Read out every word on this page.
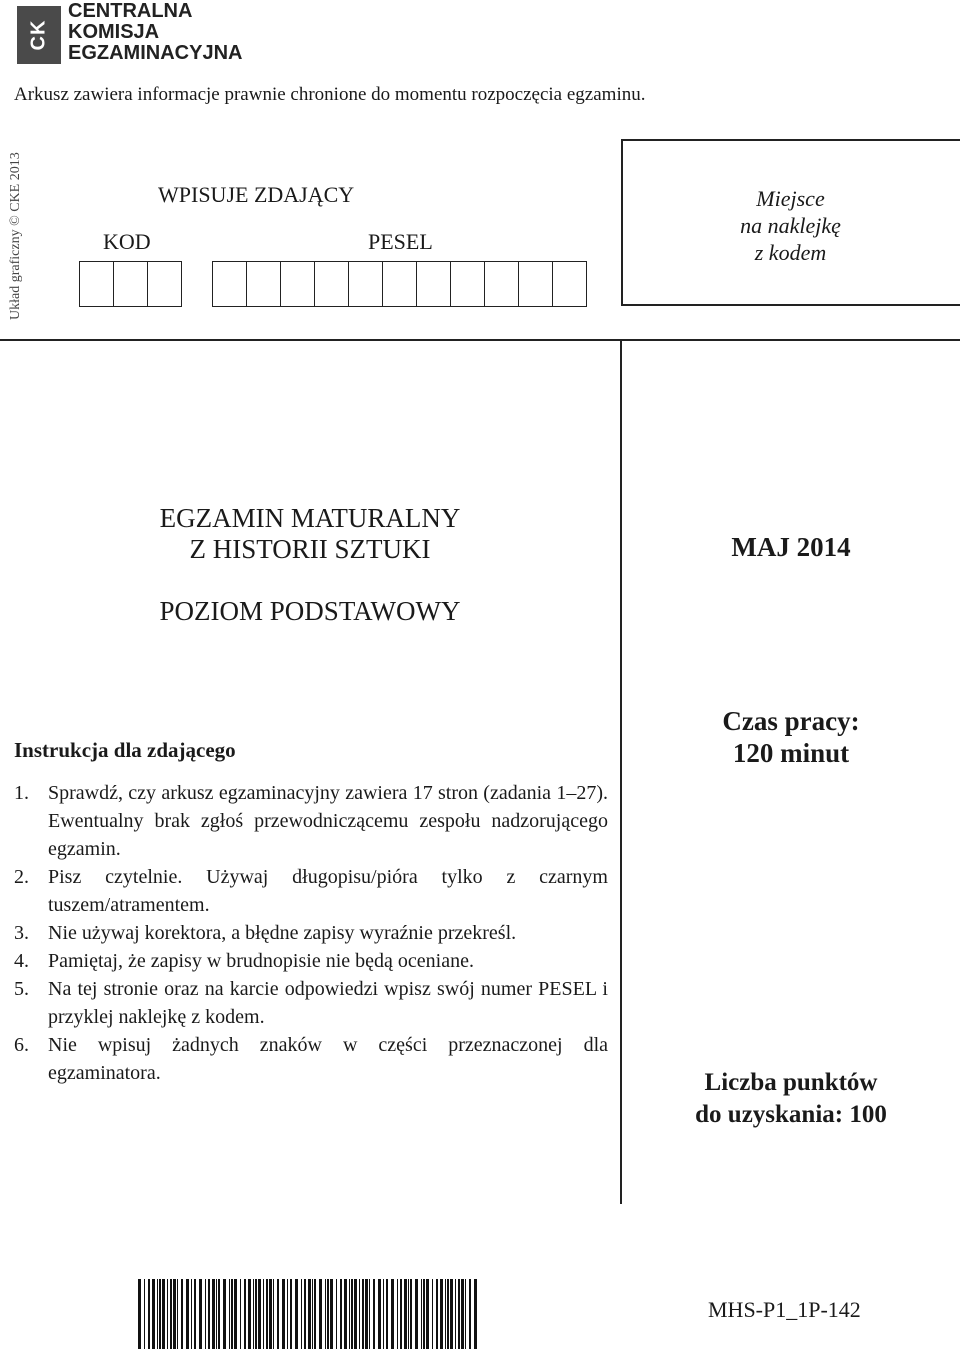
CK
CENTRALNA
KOMISJA
EGZAMINACYJNA
Arkusz zawiera informacje prawnie chronione do momentu rozpoczęcia egzaminu.
Układ graficzny © CKE 2013	WPISUJE ZDAJĄCY
KOD	PESEL
Miejsce
na naklejkę
z kodem
EGZAMIN MATURALNY
Z HISTORII SZTUKI
POZIOM PODSTAWOWY
MAJ 2014
Czas pracy:
120 minut
Instrukcja dla zdającego
1. Sprawdź, czy arkusz egzaminacyjny zawiera 17 stron (zadania 1–27). Ewentualny brak zgłoś przewodniczącemu zespołu nadzorującego egzamin.
2. Pisz czytelnie. Używaj długopisu/pióra tylko z czarnym tuszem/atramentem.
3. Nie używaj korektora, a błędne zapisy wyraźnie przekreśl.
4. Pamiętaj, że zapisy w brudnopisie nie będą oceniane.
5. Na tej stronie oraz na karcie odpowiedzi wpisz swój numer PESEL i przyklej naklejkę z kodem.
6. Nie wpisuj żadnych znaków w części przeznaczonej dla egzaminatora.	Liczba punktów
do uzyskania: 100
MHS-P1_1P-142
